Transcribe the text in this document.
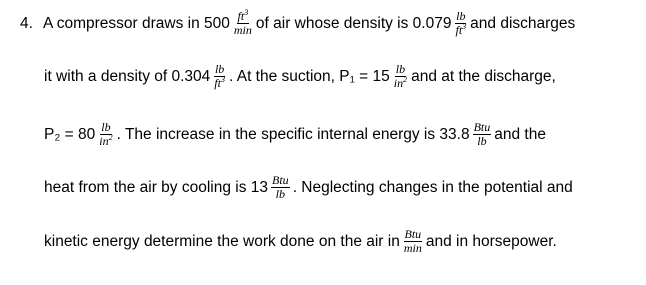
4. A compressor draws in $500 \frac{ft^3}{\min}$ of air whose density is $0.079 \frac{lb}{ft^3}$ and discharges
it with a density of $0.304 \frac{lb}{ft^3}$ . At the suction, $P_1 = 15 \frac{lb}{in^2}$ and at the discharge,
$P_2 = 80 \frac{lb}{in^2}$ . The increase in the specific internal energy is $33.8 \frac{\text{Btu}}{lb}$ and the
heat from the air by cooling is $13 \frac{\text{Btu}}{lb}$ . Neglecting changes in the potential and
kinetic energy determine the work done on the air in $\frac{\text{Btu}}{\min}$ and in horsepower.
